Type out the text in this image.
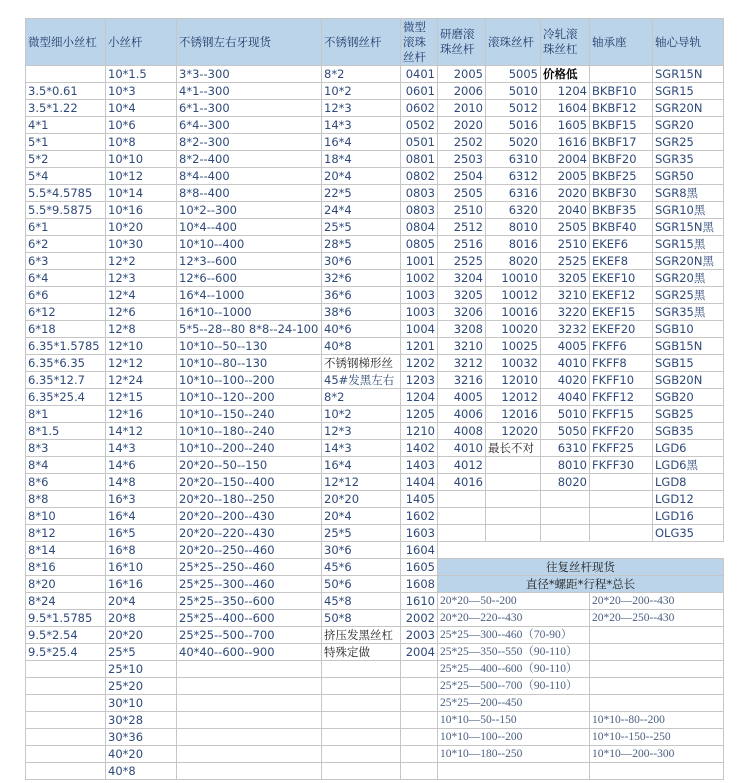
微型细小丝杠	小丝杆	不锈钢左右牙现货	不锈钢丝杆	微型滚珠丝杆	研磨滚珠丝杆	滚珠丝杆	冷轧滚珠丝杠	轴承座	轴心导轨
	10*1.5	3*3--300	8*2	0401	2005	5005	价格低		SGR15N
3.5*0.61	10*3	4*1--300	10*2	0601	2006	5010	1204	BKBF10	SGR15
3.5*1.22	10*4	6*1--300	12*3	0602	2010	5012	1604	BKBF12	SGR20N
4*1	10*6	6*4--300	14*3	0502	2020	5016	1605	BKBF15	SGR20
5*1	10*8	8*2--300	16*4	0501	2502	5020	1616	BKBF17	SGR25
5*2	10*10	8*2--400	18*4	0801	2503	6310	2004	BKBF20	SGR35
5*4	10*12	8*4--400	20*4	0802	2504	6312	2005	BKBF25	SGR50
5.5*4.5785	10*14	8*8--400	22*5	0803	2505	6316	2020	BKBF30	SGR8黑
5.5*9.5875	10*16	10*2--300	24*4	0803	2510	6320	2040	BKBF35	SGR10黑
6*1	10*20	10*4--400	25*5	0804	2512	8010	2505	BKBF40	SGR15N黑
6*2	10*30	10*10--400	28*5	0805	2516	8016	2510	EKEF6	SGR15黑
6*3	12*2	12*3--600	30*6	1001	2525	8020	2525	EKEF8	SGR20N黑
6*4	12*3	12*6--600	32*6	1002	3204	10010	3205	EKEF10	SGR20黑
6*6	12*4	16*4--1000	36*6	1003	3205	10012	3210	EKEF12	SGR25黑
6*12	12*6	16*10--1000	38*6	1003	3206	10016	3220	EKEF15	SGR35黑
6*18	12*8	5*5--28--80 8*8--24-100	40*6	1004	3208	10020	3232	EKEF20	SGB10
6.35*1.5785	12*10	10*10--50--130	40*8	1201	3210	10025	4005	FKFF6	SGB15N
6.35*6.35	12*12	10*10--80--130	不锈钢梯形丝	1202	3212	10032	4010	FKFF8	SGB15
6.35*12.7	12*24	10*10--100--200	45#发黑左右	1203	3216	12010	4020	FKFF10	SGB20N
6.35*25.4	12*15	10*10--120--200	8*2	1204	4005	12012	4040	FKFF12	SGB20
8*1	12*16	10*10--150--240	10*2	1205	4006	12016	5010	FKFF15	SGB25
8*1.5	14*12	10*10--180--240	12*3	1210	4008	12020	5050	FKFF20	SGB35
8*3	14*3	10*10--200--240	14*3	1402	4010	最长不对	6310	FKFF25	LGD6
8*4	14*6	20*20--50--150	16*4	1403	4012		8010	FKFF30	LGD6黑
8*6	14*8	20*20--150--400	12*12	1404	4016		8020		LGD8
8*8	16*3	20*20--180--250	20*20	1405					LGD12
8*10	16*4	20*20--200--430	20*4	1602					LGD16
8*12	16*5	20*20--220--430	25*5	1603					OLG35
8*14	16*8	20*20--250--460	30*6	1604					
8*16	16*10	25*25--250--460	45*6	1605	往复丝杆现货				
8*20	16*16	25*25--300--460	50*6	1608	直径*螺距*行程*总长				
8*24	20*4	25*25--350--600	45*8	1610	20*20—50--200			20*20—200--430	
9.5*1.5785	20*8	25*25--400--600	50*8	2002	20*20—220--430			20*20—250--430	
9.5*2.54	20*20	25*25--500--700	挤压发黑丝杠	2003	25*25—300--460（70-90）				
9.5*25.4	25*5	40*40--600--900	特殊定做	2004	25*25—350--550（90-110）				
	25*10				25*25—400--600（90-110）				
	25*20				25*25—500--700（90-110）				
	30*10				25*25—200--450				
	30*28				10*10—50--150			10*10--80--200	
	30*36				10*10—100--200			10*10--150--250	
	40*20				10*10—180--250			10*10—200--300	
	40*8								
